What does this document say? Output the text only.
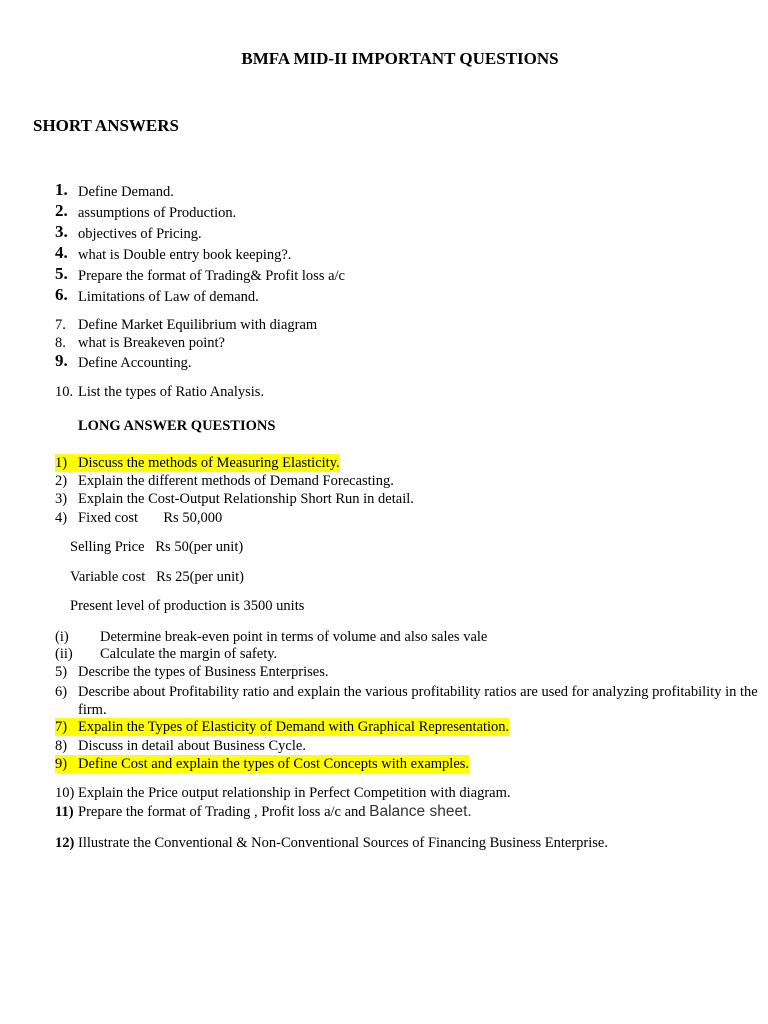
BMFA MID-II IMPORTANT QUESTIONS
SHORT ANSWERS
1. Define Demand.
2. assumptions of Production.
3. objectives of Pricing.
4. what is Double entry book keeping?.
5. Prepare the format of Trading& Profit loss a/c
6. Limitations of Law of demand.
7. Define Market Equilibrium with diagram
8. what is Breakeven point?
9. Define Accounting.
10. List the types of Ratio Analysis.
LONG ANSWER QUESTIONS
1) Discuss the methods of Measuring Elasticity.
2) Explain the different methods of Demand Forecasting.
3) Explain the Cost-Output Relationship Short Run in detail.
4) Fixed cost       Rs 50,000
Selling Price   Rs 50(per unit)
Variable cost   Rs 25(per unit)
Present level of production is 3500 units
(i) Determine break-even point in terms of volume and also sales vale
(ii) Calculate the margin of safety.
5) Describe the types of Business Enterprises.
6) Describe about Profitability ratio and explain the various profitability ratios are used for analyzing profitability in the firm.
7) Expalin the Types of Elasticity of Demand with Graphical Representation.
8) Discuss in detail about Business Cycle.
9) Define Cost and explain the types of Cost Concepts with examples.
10) Explain the Price output relationship in Perfect Competition with diagram.
11) Prepare the format of Trading , Profit loss a/c and Balance sheet.
12) Illustrate the Conventional & Non-Conventional Sources of Financing Business Enterprise.
